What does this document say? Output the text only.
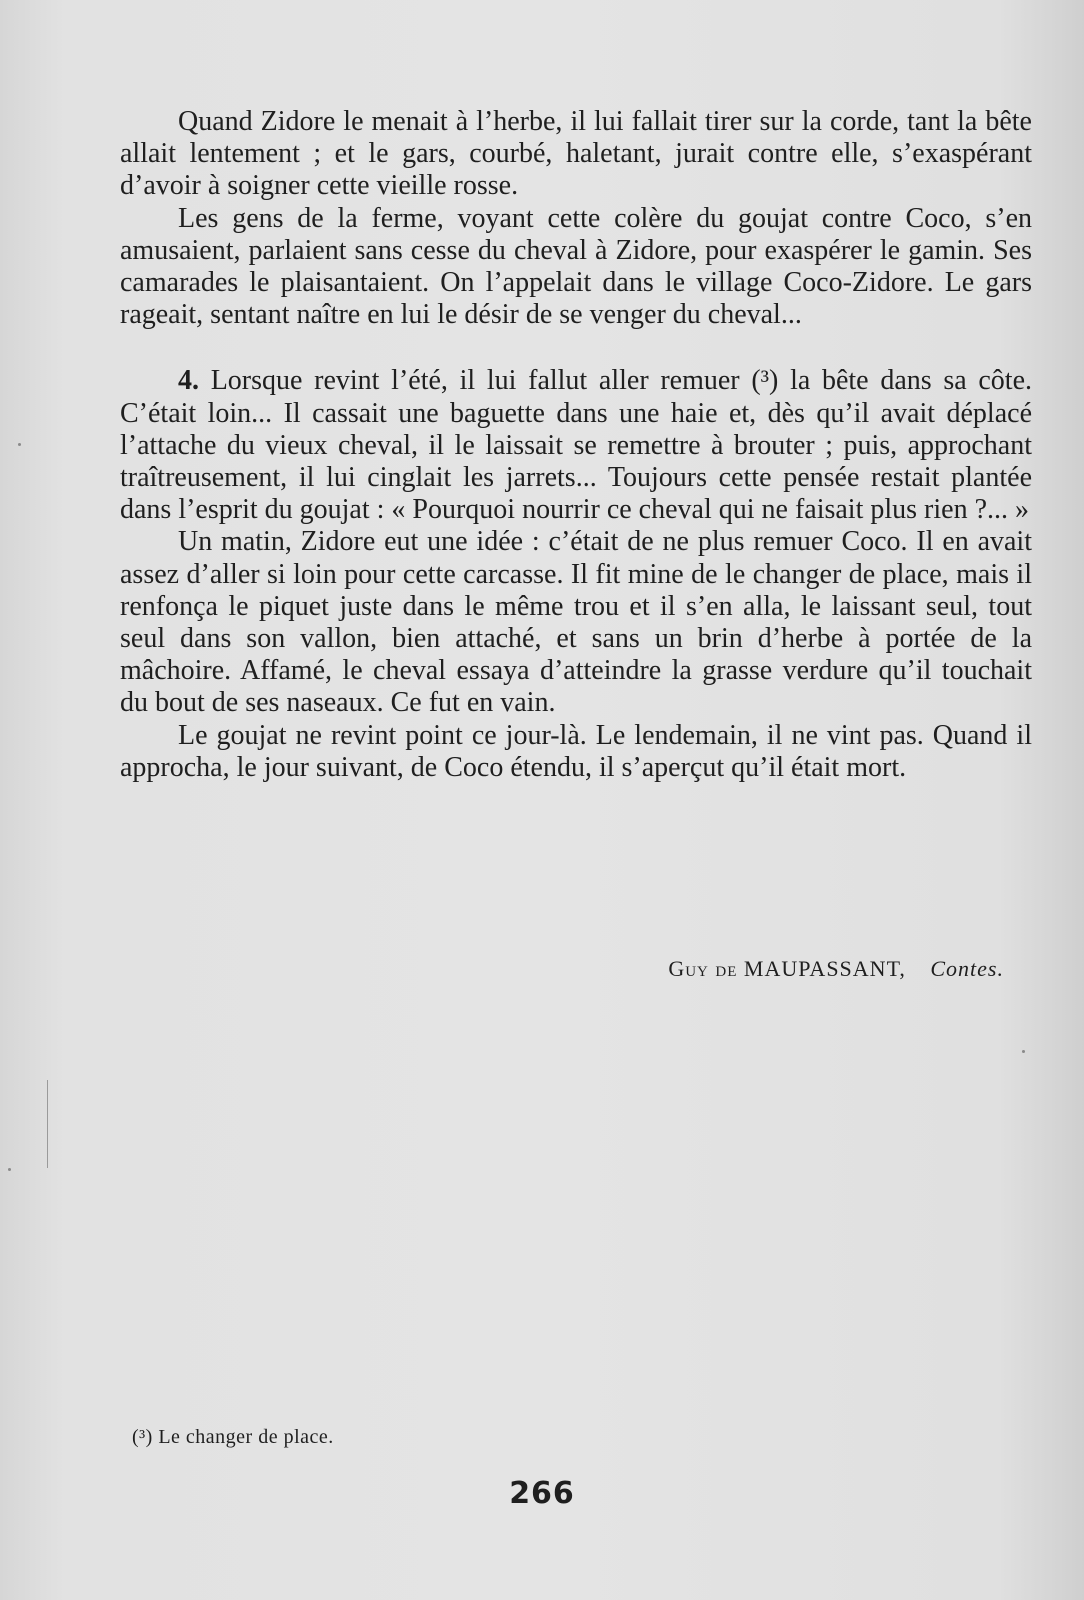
Quand Zidore le menait à l’herbe, il lui fallait tirer sur la corde, tant la bête allait lentement ; et le gars, courbé, haletant, jurait contre elle, s’exaspérant d’avoir à soigner cette vieille rosse.

Les gens de la ferme, voyant cette colère du goujat contre Coco, s’en amusaient, parlaient sans cesse du cheval à Zidore, pour exaspérer le gamin. Ses camarades le plaisantaient. On l’appelait dans le village Coco-Zidore. Le gars rageait, sentant naître en lui le désir de se venger du cheval...

4. Lorsque revint l’été, il lui fallut aller remuer (³) la bête dans sa côte. C’était loin... Il cassait une baguette dans une haie et, dès qu’il avait déplacé l’attache du vieux cheval, il le laissait se remettre à brouter ; puis, approchant traîtreusement, il lui cinglait les jarrets... Toujours cette pensée restait plantée dans l’esprit du goujat : « Pourquoi nourrir ce cheval qui ne faisait plus rien ?... »

Un matin, Zidore eut une idée : c’était de ne plus remuer Coco. Il en avait assez d’aller si loin pour cette carcasse. Il fit mine de le changer de place, mais il renfonça le piquet juste dans le même trou et il s’en alla, le laissant seul, tout seul dans son vallon, bien attaché, et sans un brin d’herbe à portée de la mâchoire. Affamé, le cheval essaya d’atteindre la grasse verdure qu’il touchait du bout de ses naseaux. Ce fut en vain.

Le goujat ne revint point ce jour-là. Le lendemain, il ne vint pas. Quand il approcha, le jour suivant, de Coco étendu, il s’aperçut qu’il était mort.

Guy de MAUPASSANT, Contes.
(³) Le changer de place.
266
